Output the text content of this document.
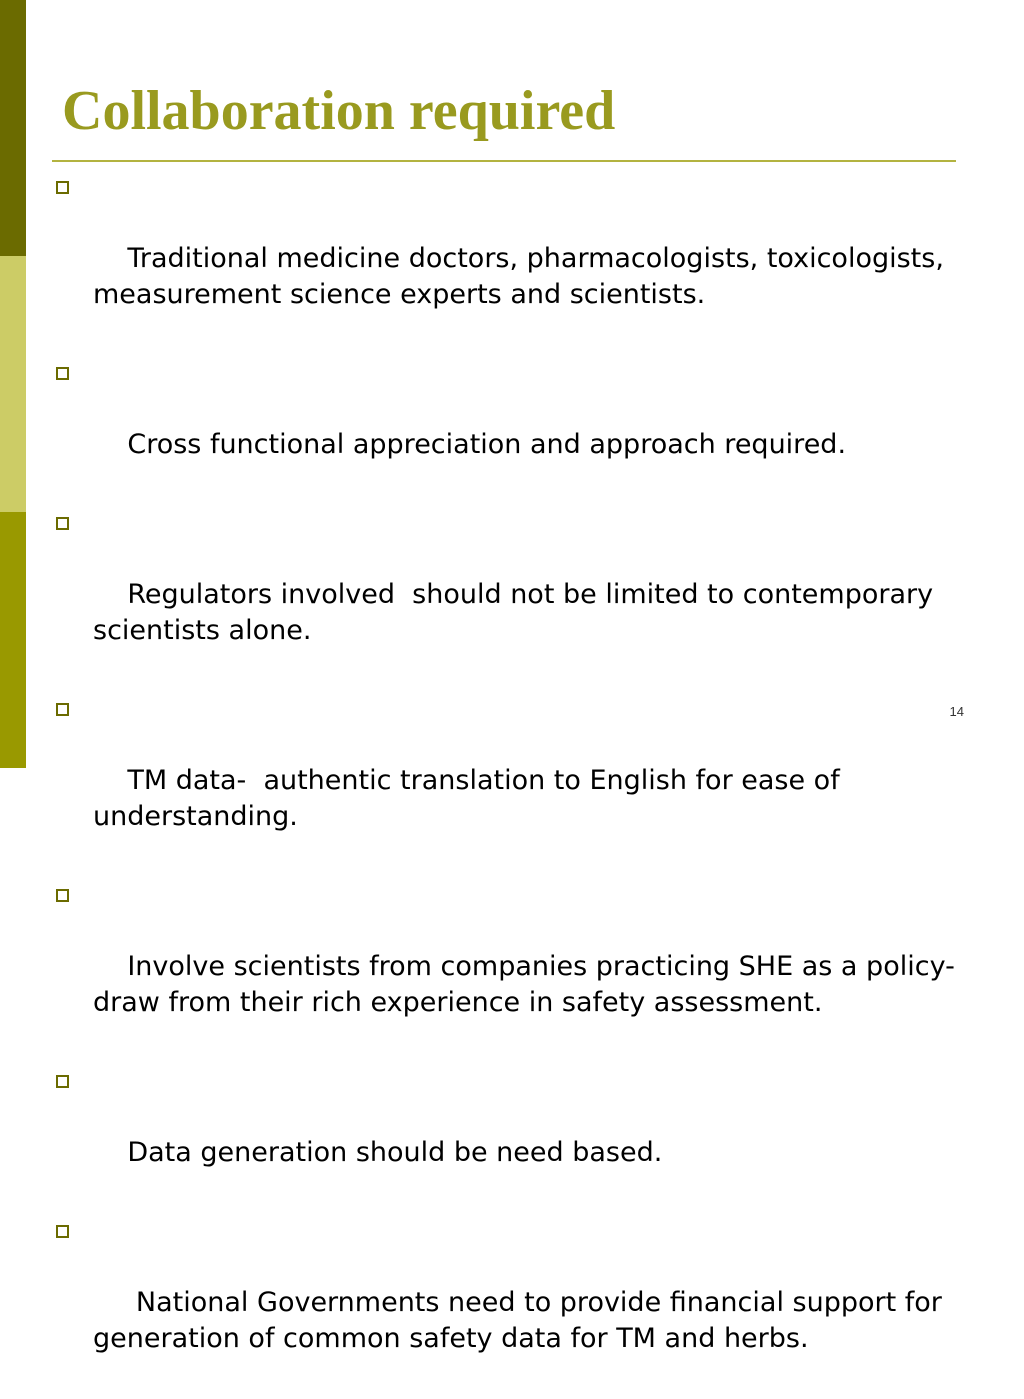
Collaboration required

Traditional medicine doctors, pharmacologists, toxicologists, measurement science experts and scientists.

Cross functional appreciation and approach required.

Regulators involved  should not be limited to contemporary scientists alone.

TM data-  authentic translation to English for ease of understanding.

Involve scientists from companies practicing SHE as a policy- draw from their rich experience in safety assessment.

Data generation should be need based.

National Governments need to provide financial support for generation of common safety data for TM and herbs.

14
